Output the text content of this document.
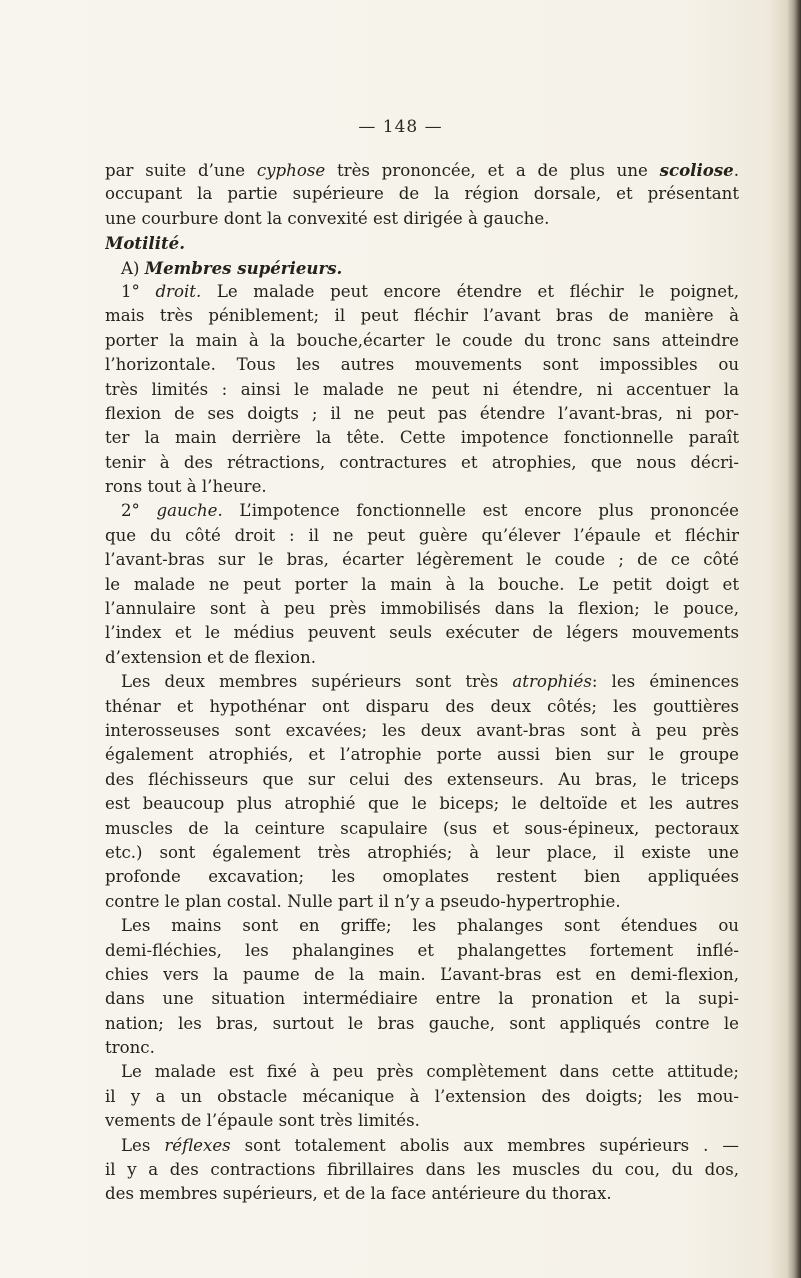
— 148 —
par suite d’une cyphose très prononcée, et a de plus une scoliose.
occupant la partie supérieure de la région dorsale, et présentant
une courbure dont la convexité est dirigée à gauche.
Motilité.
A) Membres supérieurs.
1° droit. Le malade peut encore étendre et fléchir le poignet,
mais très péniblement; il peut fléchir l’avant bras de manière à
porter la main à la bouche,écarter le coude du tronc sans atteindre
l’horizontale. Tous les autres mouvements sont impossibles ou
très limités : ainsi le malade ne peut ni étendre, ni accentuer la
flexion de ses doigts ; il ne peut pas étendre l’avant-bras, ni por-
ter la main derrière la tête. Cette impotence fonctionnelle paraît
tenir à des rétractions, contractures et atrophies, que nous décri-
rons tout à l’heure.
2° gauche. L’impotence fonctionnelle est encore plus prononcée
que du côté droit : il ne peut guère qu’élever l’épaule et fléchir
l’avant-bras sur le bras, écarter légèrement le coude ; de ce côté
le malade ne peut porter la main à la bouche. Le petit doigt et
l’annulaire sont à peu près immobilisés dans la flexion; le pouce,
l’index et le médius peuvent seuls exécuter de légers mouvements
d’extension et de flexion.
Les deux membres supérieurs sont très atrophiés: les éminences
thénar et hypothénar ont disparu des deux côtés; les gouttières
interosseuses sont excavées; les deux avant-bras sont à peu près
également atrophiés, et l’atrophie porte aussi bien sur le groupe
des fléchisseurs que sur celui des extenseurs. Au bras, le triceps
est beaucoup plus atrophié que le biceps; le deltoïde et les autres
muscles de la ceinture scapulaire (sus et sous-épineux, pectoraux
etc.) sont également très atrophiés; à leur place, il existe une
profonde excavation; les omoplates restent bien appliquées
contre le plan costal. Nulle part il n’y a pseudo-hypertrophie.
Les mains sont en griffe; les phalanges sont étendues ou
demi-fléchies, les phalangines et phalangettes fortement inflé-
chies vers la paume de la main. L’avant-bras est en demi-flexion,
dans une situation intermédiaire entre la pronation et la supi-
nation; les bras, surtout le bras gauche, sont appliqués contre le
tronc.
Le malade est fixé à peu près complètement dans cette attitude;
il y a un obstacle mécanique à l’extension des doigts; les mou-
vements de l’épaule sont très limités.
Les réflexes sont totalement abolis aux membres supérieurs . —
il y a des contractions fibrillaires dans les muscles du cou, du dos,
des membres supérieurs, et de la face antérieure du thorax.
